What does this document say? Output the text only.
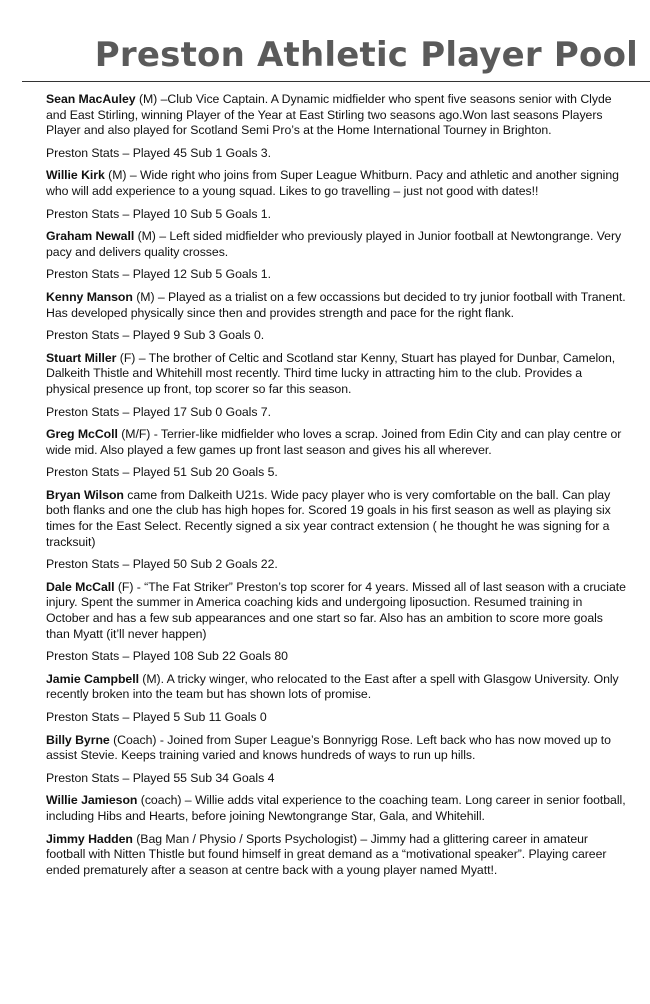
Preston Athletic Player Pool

Sean MacAuley (M) –Club Vice Captain. A Dynamic midfielder who spent five seasons senior with Clyde and East Stirling, winning Player of the Year at East Stirling two seasons ago.Won last seasons Players Player and also played for Scotland Semi Pro’s at the Home International Tourney in Brighton.

Preston Stats – Played 45 Sub 1 Goals 3.

Willie Kirk (M) – Wide right who joins from Super League Whitburn. Pacy and athletic and another signing who will add experience to a young squad. Likes to go travelling – just not good with dates!!

Preston Stats – Played 10 Sub 5 Goals 1.

Graham Newall (M) – Left sided midfielder who previously played in Junior football at Newtongrange. Very pacy and delivers quality crosses.

Preston Stats – Played 12 Sub 5 Goals 1.

Kenny Manson (M) – Played as a trialist on a few occassions but decided to try junior football with Tranent. Has developed physically since then and provides strength and pace for the right flank.

Preston Stats – Played 9 Sub 3 Goals 0.

Stuart Miller (F) – The brother of Celtic and Scotland star Kenny, Stuart has played for Dunbar, Camelon, Dalkeith Thistle and Whitehill most recently. Third time lucky in attracting him to the club. Provides a physical presence up front, top scorer so far this season.

Preston Stats – Played 17 Sub 0 Goals 7.

Greg McColl (M/F) - Terrier-like midfielder who loves a scrap. Joined from Edin City and can play centre or wide mid. Also played a few games up front last season and gives his all wherever.

Preston Stats – Played 51 Sub 20 Goals 5.

Bryan Wilson came from Dalkeith U21s. Wide pacy player who is very comfortable on the ball. Can play both flanks and one the club has high hopes for. Scored 19 goals in his first season as well as playing six times for the East Select. Recently signed a six year contract extension ( he thought he was signing for a tracksuit)

Preston Stats – Played 50 Sub 2 Goals 22.

Dale McCall (F) - “The Fat Striker” Preston’s top scorer for 4 years. Missed all of last season with a cruciate injury. Spent the summer in America coaching kids and undergoing liposuction. Resumed training in October and has a few sub appearances and one start so far. Also has an ambition to score more goals than Myatt (it’ll never happen)

Preston Stats – Played 108 Sub 22 Goals 80

Jamie Campbell (M). A tricky winger, who relocated to the East after a spell with Glasgow University. Only recently broken into the team but has shown lots of promise.

Preston Stats – Played 5 Sub 11 Goals 0

Billy Byrne (Coach) - Joined from Super League’s Bonnyrigg Rose. Left back who has now moved up to assist Stevie. Keeps training varied and knows hundreds of ways to run up hills.

Preston Stats – Played 55 Sub 34 Goals 4

Willie Jamieson (coach) – Willie adds vital experience to the coaching team. Long career in senior football, including Hibs and Hearts, before joining Newtongrange Star, Gala, and Whitehill.

Jimmy Hadden (Bag Man / Physio / Sports Psychologist) – Jimmy had a glittering career in amateur football with Nitten Thistle but found himself in great demand as a “motivational speaker”. Playing career ended prematurely after a season at centre back with a young player named Myatt!.
